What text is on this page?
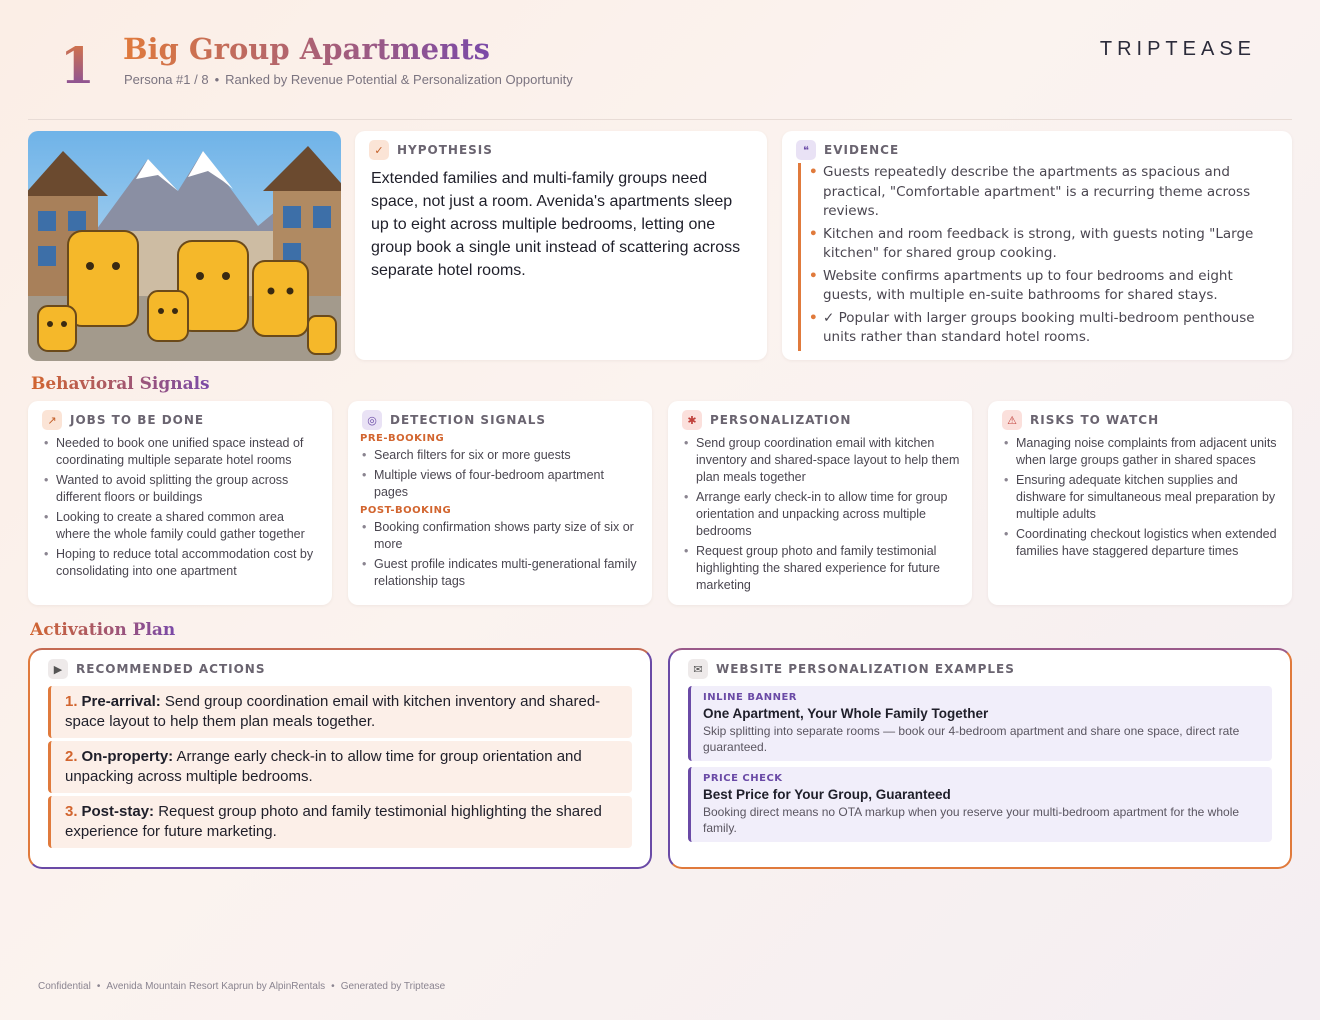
1 Big Group Apartments
Persona #1 / 8 • Ranked by Revenue Potential & Personalization Opportunity
TRIPTEASE
✓	HYPOTHESIS
Extended families and multi-family groups need space, not just a room. Avenida's apartments sleep up to eight across multiple bedrooms, letting one group book a single unit instead of scattering across separate hotel rooms.
❝	EVIDENCE
• Guests repeatedly describe the apartments as spacious and practical, "Comfortable apartment" is a recurring theme across reviews.
• Kitchen and room feedback is strong, with guests noting "Large kitchen" for shared group cooking.
• Website confirms apartments up to four bedrooms and eight guests, with multiple en-suite bathrooms for shared stays.
• ✓ Popular with larger groups booking multi-bedroom penthouse units rather than standard hotel rooms.
Behavioral Signals
↗	JOBS TO BE DONE
• Needed to book one unified space instead of coordinating multiple separate hotel rooms
• Wanted to avoid splitting the group across different floors or buildings
• Looking to create a shared common area where the whole family could gather together
• Hoping to reduce total accommodation cost by consolidating into one apartment
◎	DETECTION SIGNALS
PRE-BOOKING
• Search filters for six or more guests
• Multiple views of four-bedroom apartment pages
POST-BOOKING
• Booking confirmation shows party size of six or more
• Guest profile indicates multi-generational family relationship tags
✱	PERSONALIZATION
• Send group coordination email with kitchen inventory and shared-space layout to help them plan meals together
• Arrange early check-in to allow time for group orientation and unpacking across multiple bedrooms
• Request group photo and family testimonial highlighting the shared experience for future marketing
⚠	RISKS TO WATCH
• Managing noise complaints from adjacent units when large groups gather in shared spaces
• Ensuring adequate kitchen supplies and dishware for simultaneous meal preparation by multiple adults
• Coordinating checkout logistics when extended families have staggered departure times
Activation Plan
▶	RECOMMENDED ACTIONS
1. Pre-arrival: Send group coordination email with kitchen inventory and shared-space layout to help them plan meals together.
2. On-property: Arrange early check-in to allow time for group orientation and unpacking across multiple bedrooms.
3. Post-stay: Request group photo and family testimonial highlighting the shared experience for future marketing.
✉	WEBSITE PERSONALIZATION EXAMPLES
INLINE BANNER
One Apartment, Your Whole Family Together
Skip splitting into separate rooms — book our 4-bedroom apartment and share one space, direct rate guaranteed.
PRICE CHECK
Best Price for Your Group, Guaranteed
Booking direct means no OTA markup when you reserve your multi-bedroom apartment for the whole family.
Confidential • Avenida Mountain Resort Kaprun by AlpinRentals • Generated by Triptease
